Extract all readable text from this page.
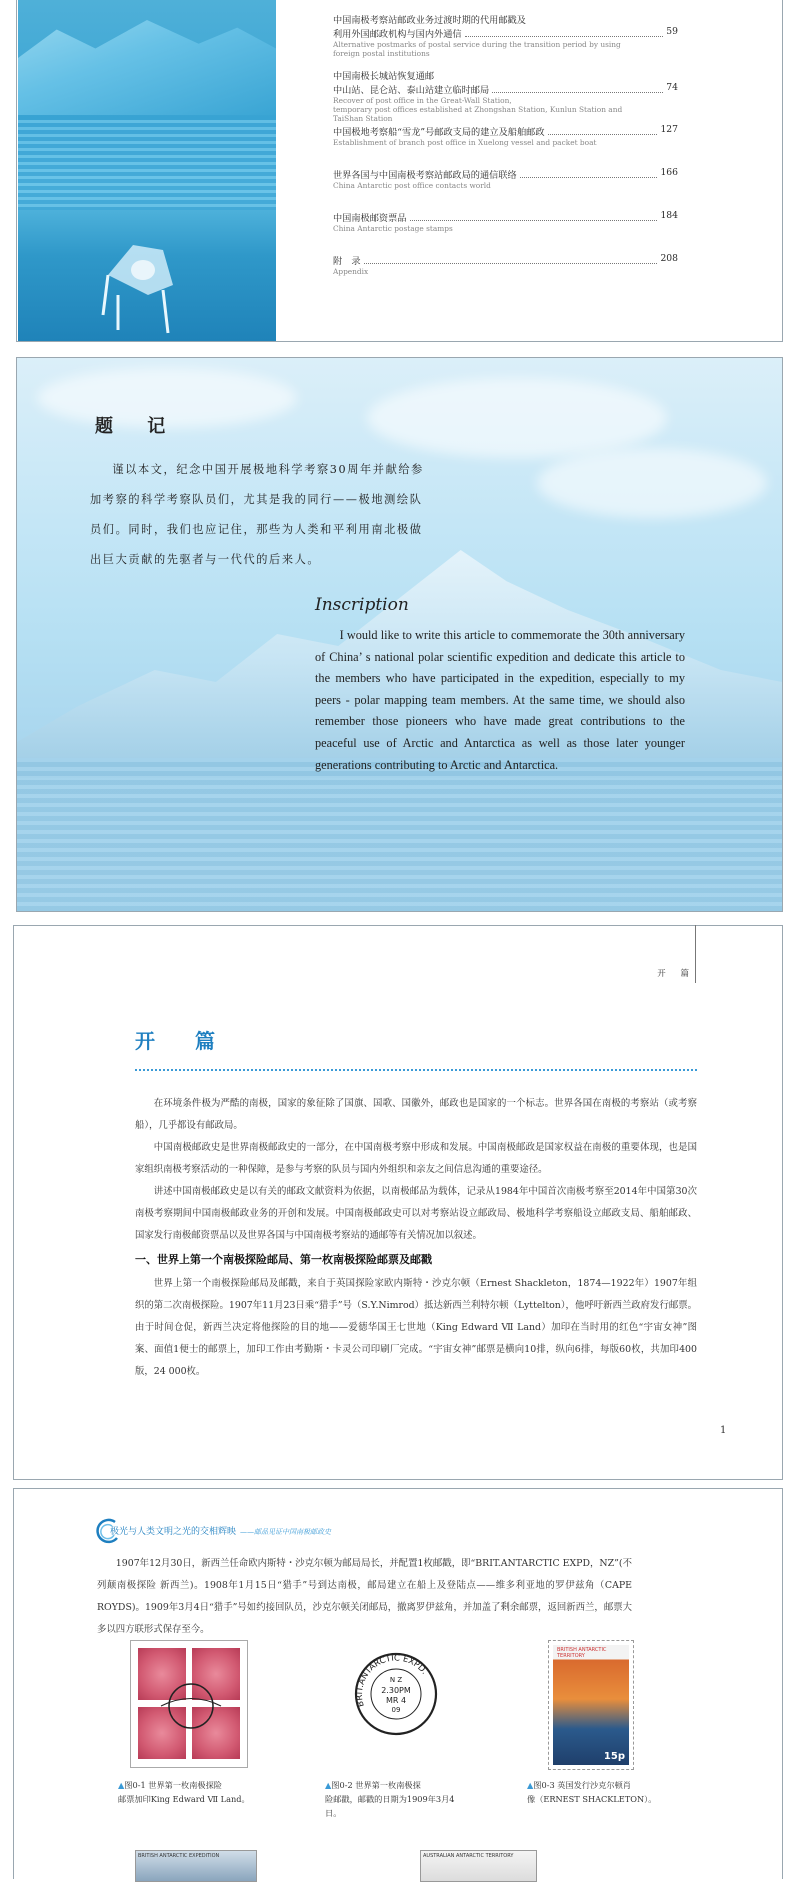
中国南极考察站邮政业务过渡时期的代用邮戳及
利用外国邮政机构与国内外通信	59
Alternative postmarks of postal service during the transition period by using
foreign postal institutions
中国南极长城站恢复通邮
中山站、昆仑站、泰山站建立临时邮局	74
Recover of post office in the Great-Wall Station,
temporary post offices established at Zhongshan Station, Kunlun Station and
TaiShan Station
中国极地考察船“雪龙”号邮政支局的建立及船舶邮政	127
Establishment of branch post office in Xuelong vessel and packet boat
世界各国与中国南极考察站邮政局的通信联络	166
China Antarctic post office contacts world
中国南极邮资票品	184
China Antarctic postage stamps
附　录	208
Appendix
题 记

谨以本文，纪念中国开展极地科学考察30周年并献给参加考察的科学考察队员们，尤其是我的同行——极地测绘队员们。同时，我们也应记住，那些为人类和平利用南北极做出巨大贡献的先驱者与一代代的后来人。

Inscription

I would like to write this article to commemorate the 30th anniversary of China’ s national polar scientific expedition and dedicate this article to the members who have participated in the expedition, especially to my peers - polar mapping team members. At the same time, we should also remember those pioneers who have made great contributions to the peaceful use of Arctic and Antarctica as well as those later younger generations contributing to Arctic and Antarctica.

开 篇
开　篇

在环境条件极为严酷的南极，国家的象征除了国旗、国歌、国徽外，邮政也是国家的一个标志。世界各国在南极的考察站（或考察船），几乎都设有邮政局。

中国南极邮政史是世界南极邮政史的一部分，在中国南极考察中形成和发展。中国南极邮政是国家权益在南极的重要体现，也是国家组织南极考察活动的一种保障，是参与考察的队员与国内外组织和亲友之间信息沟通的重要途径。

讲述中国南极邮政史是以有关的邮政文献资料为依据，以南极邮品为载体，记录从1984年中国首次南极考察至2014年中国第30次南极考察期间中国南极邮政业务的开创和发展。中国南极邮政史可以对考察站设立邮政局、极地科学考察船设立邮政支局、船舶邮政、国家发行南极邮资票品以及世界各国与中国南极考察站的通邮等有关情况加以叙述。

一、世界上第一个南极探险邮局、第一枚南极探险邮票及邮戳

世界上第一个南极探险邮局及邮戳，来自于英国探险家欧内斯特・沙克尔顿（Ernest Shackleton，1874—1922年）1907年组织的第二次南极探险。1907年11月23日乘“猎手”号（S.Y.Nimrod）抵达新西兰利特尔顿（Lyttelton），他呼吁新西兰政府发行邮票。由于时间仓促，新西兰决定将他探险的目的地——爱德华国王七世地（King Edward Ⅶ Land）加印在当时用的红色“宇宙女神”图案、面值1便士的邮票上，加印工作由考勤斯・卡灵公司印刷厂完成。“宇宙女神”邮票是横向10排，纵向6排，每版60枚，共加印400版，24 000枚。

1
极光与人类文明之光的交相辉映 ——邮品见证中国南极邮政史

1907年12月30日，新西兰任命欧内斯特・沙克尔顿为邮局局长，并配置1枚邮戳，即“BRIT.ANTARCTIC EXPD，NZ”(不列颠南极探险 新西兰)。1908年1月15日“猎手”号到达南极，邮局建立在船上及登陆点——维多利亚地的罗伊兹角（CAPE ROYDS)。1909年3月4日“猎手”号如约接回队员，沙克尔顿关闭邮局，撤离罗伊兹角，并加盖了剩余邮票，返回新西兰，邮票大多以四方联形式保存至今。

BRIT.ANTARCTIC EXPD.
N Z
2.30PM
MR 4
09
BRITISH ANTARCTIC TERRITORY
15p
▲图0-1 世界第一枚南极探险
邮票加印King Edward Ⅶ Land。
▲图0-2 世界第一枚南极探
险邮戳，邮戳的日期为1909年3月4
日。
▲图0-3 英国发行沙克尔顿肖
像（ERNEST SHACKLETON）。
BRITISH ANTARCTIC EXPEDITION	AUSTRALIAN ANTARCTIC TERRITORY
